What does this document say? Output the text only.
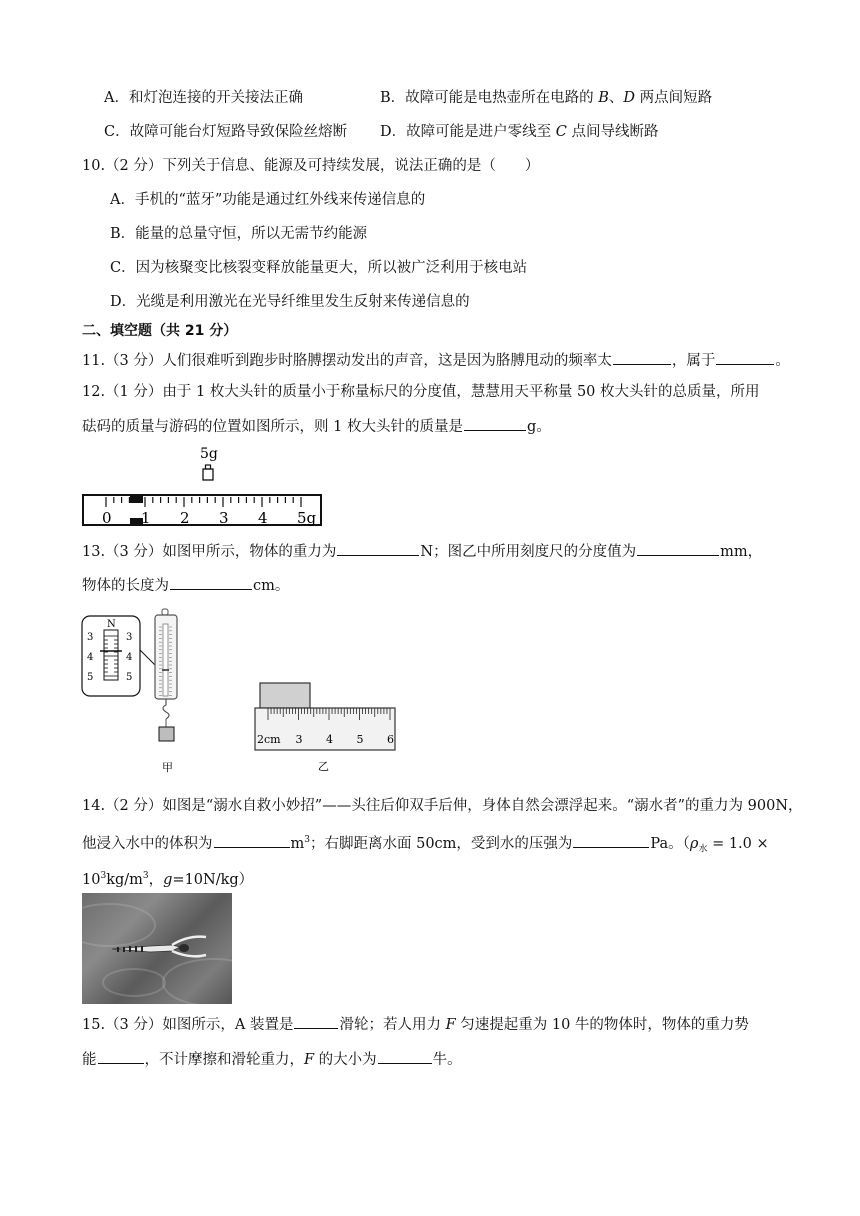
A．和灯泡连接的开关接法正确	B．故障可能是电热壶所在电路的 B、D 两点间短路
C．故障可能台灯短路导致保险丝熔断 D．故障可能是进户零线至 C 点间导线断路
10.（2 分）下列关于信息、能源及可持续发展，说法正确的是（　　）
A．手机的“蓝牙”功能是通过红外线来传递信息的
B．能量的总量守恒，所以无需节约能源
C．因为核聚变比核裂变释放能量更大，所以被广泛利用于核电站
D．光缆是利用激光在光导纤维里发生反射来传递信息的
二、填空题（共 21 分）
11.（3 分）人们很难听到跑步时胳膊摆动发出的声音，这是因为胳膊甩动的频率太	，属于	。
12.（1 分）由于 1 枚大头针的质量小于称量标尺的分度值，慧慧用天平称量 50 枚大头针的总质量，所用
砝码的质量与游码的位置如图所示，则 1 枚大头针的质量是	g。
5g
0 1 2 3 4 5g
13.（3 分）如图甲所示，物体的重力为	N；图乙中所用刻度尺的分度值为	mm，
物体的长度为	cm。
N
3
4
5
3
4
5
甲
2cm 3 4 5 6
乙
14.（2 分）如图是“溺水自救小妙招”——头往后仰双手后伸，身体自然会漂浮起来。“溺水者”的重力为 900N，
他浸入水中的体积为	$m^3$；右脚距离水面 50cm，受到水的压强为	Pa。（$\rho_水 = 1.0$ ×
$10^3kg/m^3$，g=10N/kg）
15.（3 分）如图所示，A 装置是	滑轮；若人用力 F 匀速提起重为 10 牛的物体时，物体的重力势
能	，不计摩擦和滑轮重力，F 的大小为	牛。
